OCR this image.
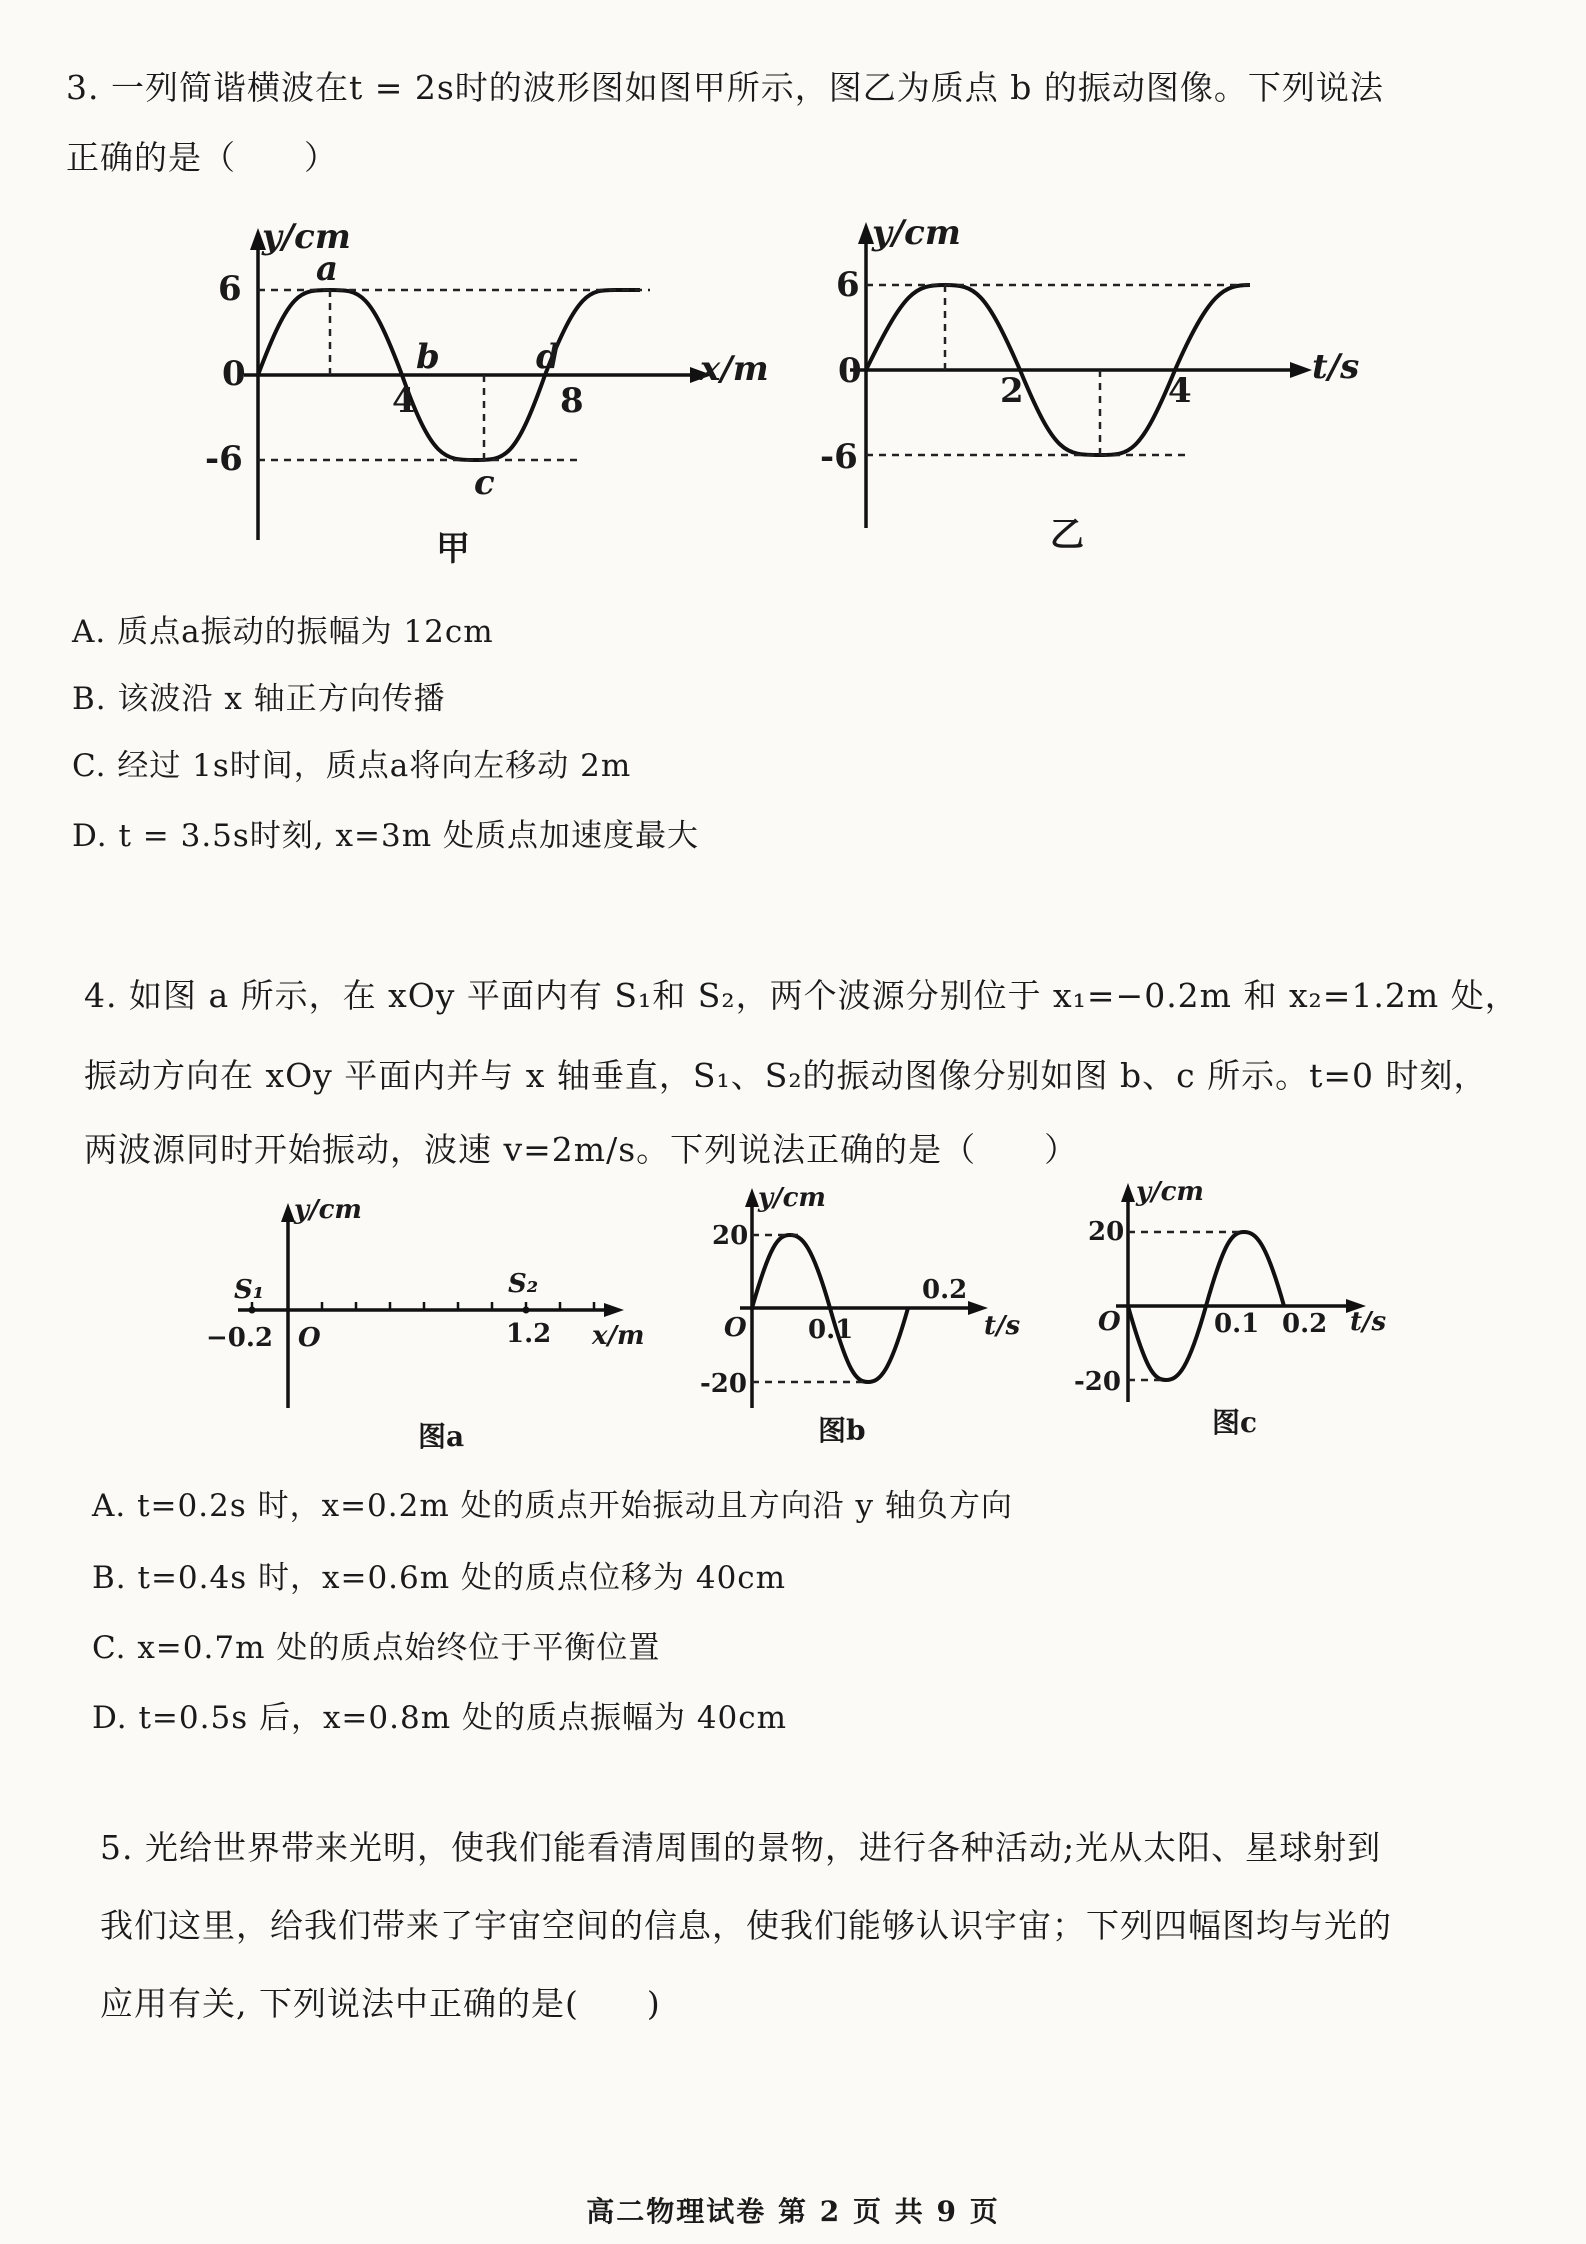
3. 一列简谐横波在t = 2s时的波形图如图甲所示，图乙为质点 b 的振动图像。下列说法
正确的是（　　）
y/cm
6
0
-6
4	8
x/m
a
b
c
d
甲
y/cm
6
0
-6
2	4
t/s
乙
A. 质点a振动的振幅为 12cm
B. 该波沿 x 轴正方向传播
C. 经过 1s时间，质点a将向左移动 2m
D. t = 3.5s时刻, x=3m 处质点加速度最大
4. 如图 a 所示，在 xOy 平面内有 S₁和 S₂，两个波源分别位于 x₁=−0.2m 和 x₂=1.2m 处，
振动方向在 xOy 平面内并与 x 轴垂直，S₁、S₂的振动图像分别如图 b、c 所示。t=0 时刻，
两波源同时开始振动，波速 v=2m/s。下列说法正确的是（　　）
y/cm
S₁	S₂
−0.2 O	1.2 x/m
图a
y/cm
20
-20
O 0.1
0.2
t/s
图b
y/cm
20
-20
O	0.1 0.2 t/s
图c
A. t=0.2s 时，x=0.2m 处的质点开始振动且方向沿 y 轴负方向
B. t=0.4s 时，x=0.6m 处的质点位移为 40cm
C. x=0.7m 处的质点始终位于平衡位置
D. t=0.5s 后，x=0.8m 处的质点振幅为 40cm
5. 光给世界带来光明，使我们能看清周围的景物，进行各种活动;光从太阳、星球射到
我们这里，给我们带来了宇宙空间的信息，使我们能够认识宇宙；下列四幅图均与光的
应用有关, 下列说法中正确的是(　　)
高二物理试卷 第 2 页 共 9 页
